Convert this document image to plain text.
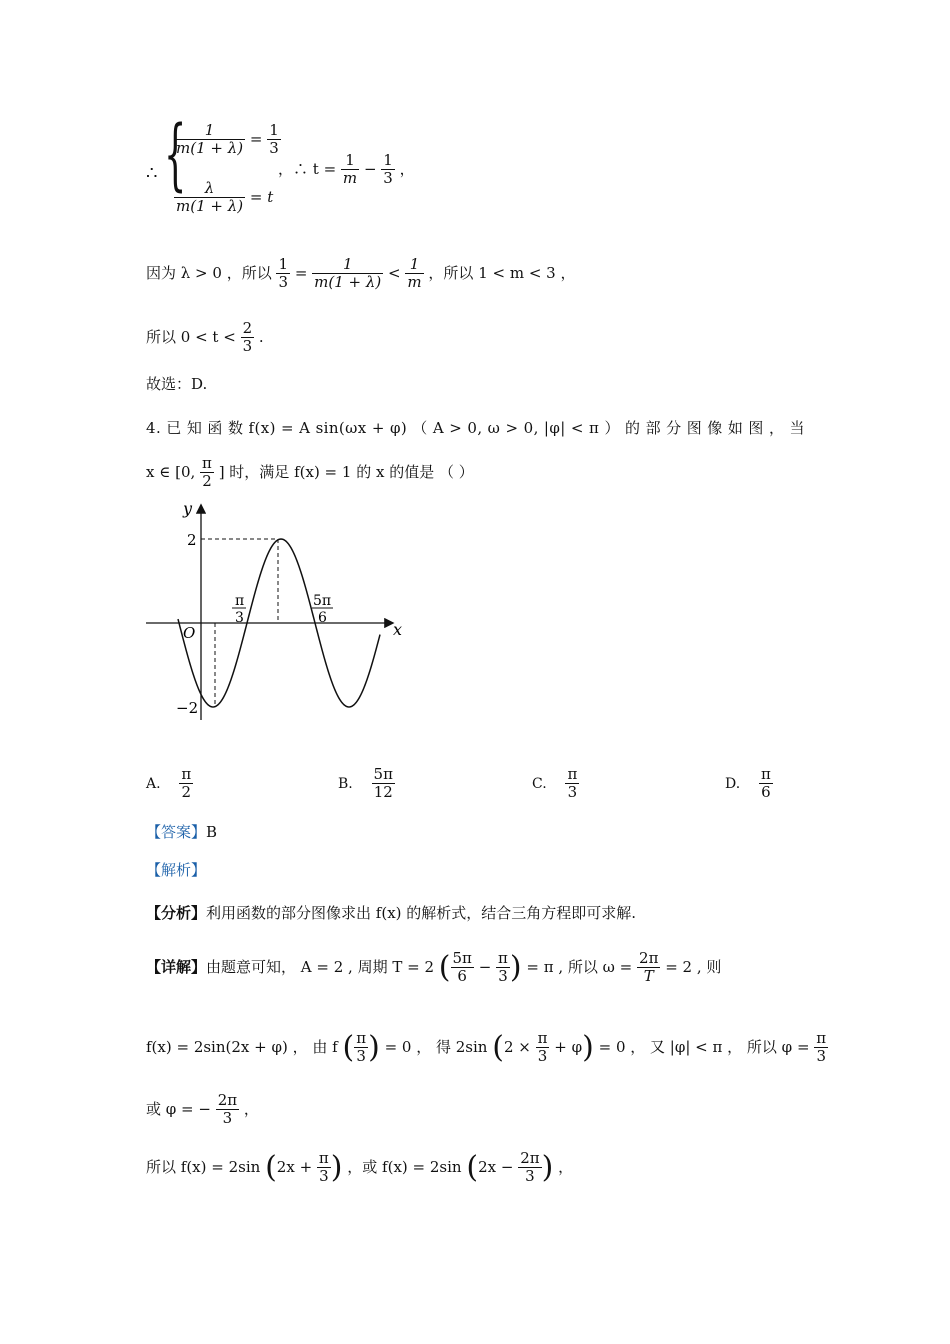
∴ {
$\frac{1}{m(1 + \lambda)} = \frac{1}{3}$
$\frac{\lambda}{m(1 + \lambda)} = t$
，∴ $t = \frac{1}{m} - \frac{1}{3}$ ，
因为 λ > 0 ，所以 $\frac{1}{3} = \frac{1}{m(1 + \lambda)} < \frac{1}{m}$ ，所以 1 < m < 3 ，
所以 $0 < t < \frac{2}{3}$ .
故选：D.
4. 已 知 函 数 f(x) = A sin(ωx + φ) （ A > 0, ω > 0, |φ| < π ） 的 部 分 图 像 如 图 ， 当
x ∈ [0, $\frac{\pi}{2}$ ] 时，满足 f(x) = 1 的 x 的值是 （ ）
y
x
O
2
−2
π
3
5π
6
A. $\frac{\pi}{2}$	B. $\frac{5\pi}{12}$	C. $\frac{\pi}{3}$	D. $\frac{\pi}{6}$
【答案】B
【解析】
【分析】利用函数的部分图像求出 f(x) 的解析式，结合三角方程即可求解.
【详解】由题意可知， A = 2 , 周期 T = 2 ( $\frac{5\pi}{6} - \frac{\pi}{3}$ ) = π , 所以 $\omega = \frac{2\pi}{T} = 2$ , 则
f(x) = 2sin(2x + φ) ， 由 f ( $\frac{\pi}{3}$ ) = 0 ， 得 2sin $(2 \times \frac{\pi}{3} + \varphi) = 0$ ， 又 |φ| < π ， 所以 $\varphi = \frac{\pi}{3}$
或 φ = − $\frac{2\pi}{3}$ ，
所以 f(x) = 2sin ($2x + \frac{\pi}{3}$ ) ，或 f(x) = 2sin ($2x - \frac{2\pi}{3}$ ) ，
